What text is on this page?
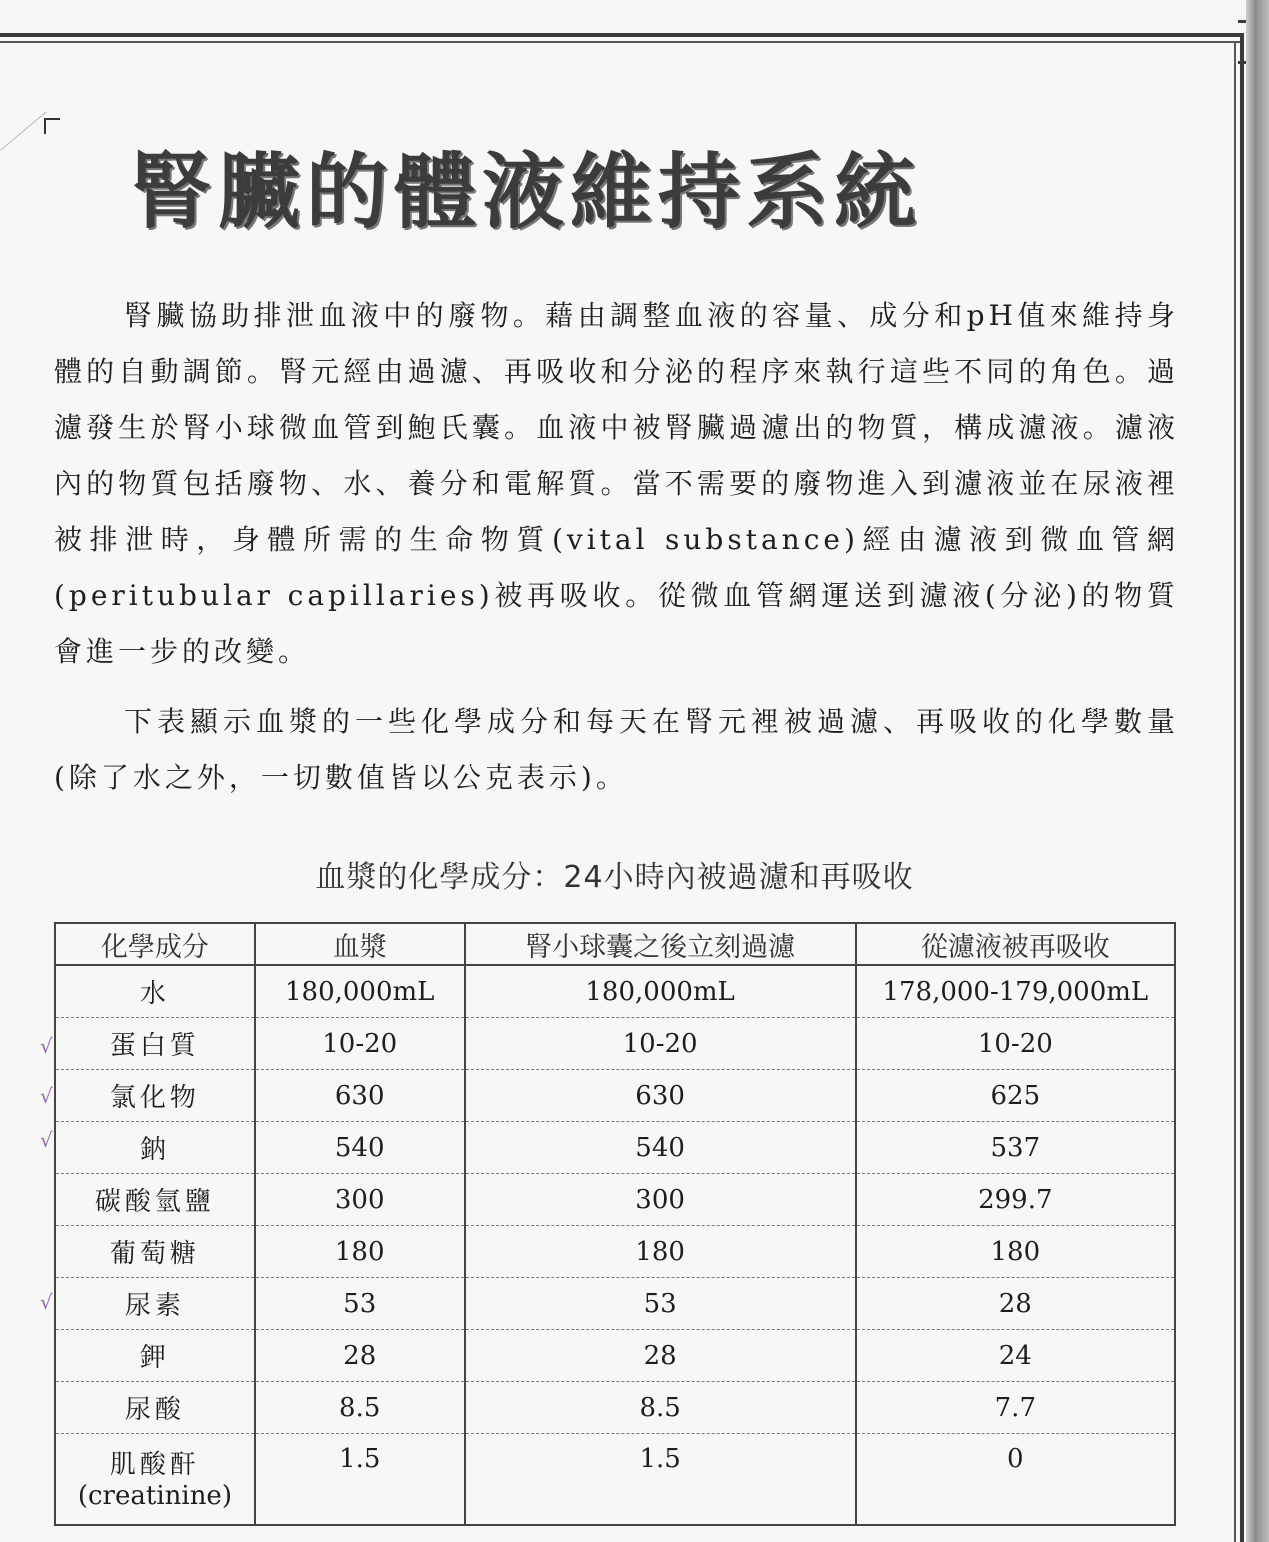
腎臟的體液維持系統

腎臟協助排泄血液中的廢物。藉由調整血液的容量、成分和pH值來維持身體的自動調節。腎元經由過濾、再吸收和分泌的程序來執行這些不同的角色。過濾發生於腎小球微血管到鮑氏囊。血液中被腎臟過濾出的物質，構成濾液。濾液內的物質包括廢物、水、養分和電解質。當不需要的廢物進入到濾液並在尿液裡被排泄時，身體所需的生命物質(vital substance)經由濾液到微血管網(peritubular capillaries)被再吸收。從微血管網運送到濾液(分泌)的物質會進一步的改變。

下表顯示血漿的一些化學成分和每天在腎元裡被過濾、再吸收的化學數量(除了水之外，一切數值皆以公克表示)。

血漿的化學成分：24小時內被過濾和再吸收
化學成分	血漿	腎小球囊之後立刻過濾	從濾液被再吸收
水	180,000mL	180,000mL	178,000-179,000mL
蛋白質	10-20	10-20	10-20
氯化物	630	630	625
鈉	540	540	537
碳酸氫鹽	300	300	299.7
葡萄糖	180	180	180
尿素	53	53	28
鉀	28	28	24
尿酸	8.5	8.5	7.7
肌酸酐
(creatinine)	1.5	1.5	0
√
√
√
√
